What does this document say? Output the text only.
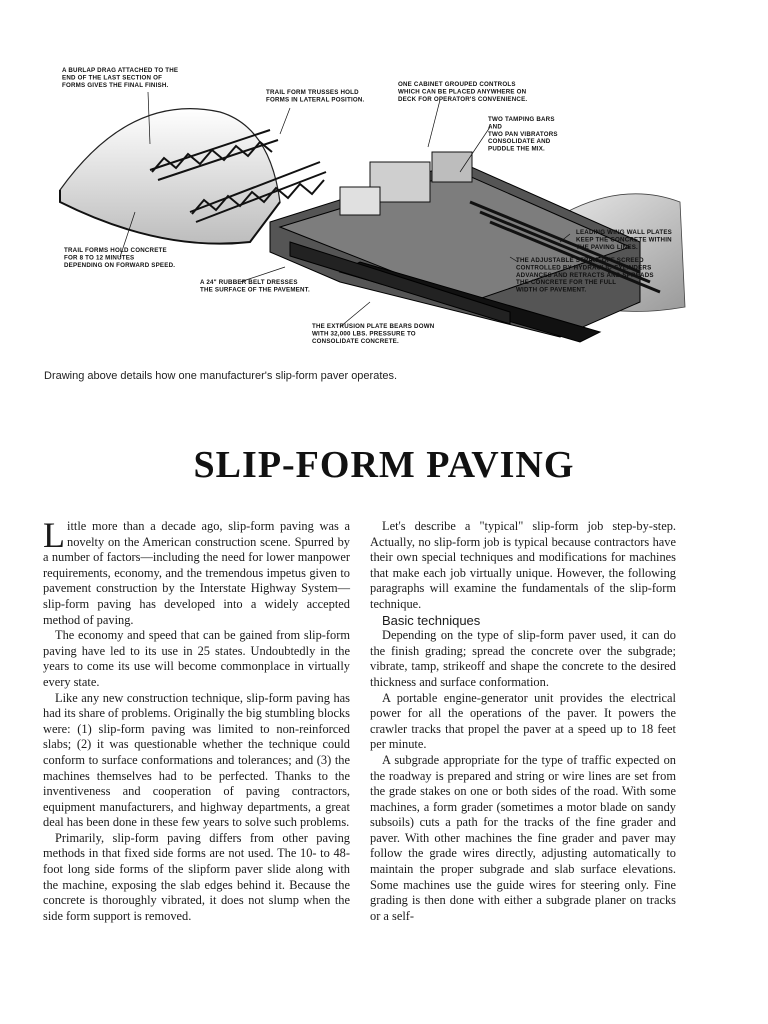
A BURLAP DRAG ATTACHED TO THE END OF THE LAST SECTION OF FORMS GIVES THE FINAL FINISH.
TRAIL FORM TRUSSES HOLD FORMS IN LATERAL POSITION.
ONE CABINET GROUPED CONTROLS WHICH CAN BE PLACED ANYWHERE ON DECK FOR OPERATOR'S CONVENIENCE.
TWO TAMPING BARS AND TWO PAN VIBRATORS CONSOLIDATE AND PUDDLE THE MIX.
LEADING WING WALL PLATES KEEP THE CONCRETE WITHIN THE PAVING LINES.
THE ADJUSTABLE STRIKE-OFF SCREED CONTROLLED BY HYDRAULIC CYLINDERS ADVANCES AND RETRACTS AND SPREADS THE CONCRETE FOR THE FULL WIDTH OF PAVEMENT.
TRAIL FORMS HOLD CONCRETE FOR 8 TO 12 MINUTES DEPENDING ON FORWARD SPEED.
A 24" RUBBER BELT DRESSES THE SURFACE OF THE PAVEMENT.
THE EXTRUSION PLATE BEARS DOWN WITH 32,000 LBS. PRESSURE TO CONSOLIDATE CONCRETE.
Drawing above details how one manufacturer's slip-form paver operates.
SLIP-FORM PAVING

Little more than a decade ago, slip-form paving was a novelty on the American construction scene. Spurred by a number of factors—including the need for lower manpower requirements, economy, and the tremendous impetus given to pavement construction by the Interstate Highway System—slip-form paving has developed into a widely accepted method of paving.

The economy and speed that can be gained from slip-form paving have led to its use in 25 states. Undoubtedly in the years to come its use will become commonplace in virtually every state.

Like any new construction technique, slip-form paving has had its share of problems. Originally the big stumbling blocks were: (1) slip-form paving was limited to non-reinforced slabs; (2) it was questionable whether the technique could conform to surface conformations and tolerances; and (3) the machines themselves had to be perfected. Thanks to the inventiveness and cooperation of paving contractors, equipment manufacturers, and highway departments, a great deal has been done in these few years to solve such problems.

Primarily, slip-form paving differs from other paving methods in that fixed side forms are not used. The 10- to 48-foot long side forms of the slipform paver slide along with the machine, exposing the slab edges behind it. Because the concrete is thoroughly vibrated, it does not slump when the side form support is removed.

Let's describe a "typical" slip-form job step-by-step. Actually, no slip-form job is typical because contractors have their own special techniques and modifications for machines that make each job virtually unique. However, the following paragraphs will examine the fundamentals of the slip-form technique.

Basic techniques

Depending on the type of slip-form paver used, it can do the finish grading; spread the concrete over the subgrade; vibrate, tamp, strikeoff and shape the concrete to the desired thickness and surface conformation.

A portable engine-generator unit provides the electrical power for all the operations of the paver. It powers the crawler tracks that propel the paver at a speed up to 18 feet per minute.

A subgrade appropriate for the type of traffic expected on the roadway is prepared and string or wire lines are set from the grade stakes on one or both sides of the road. With some machines, a form grader (sometimes a motor blade on sandy subsoils) cuts a path for the tracks of the fine grader and paver. With other machines the fine grader and paver may follow the grade wires directly, adjusting automatically to maintain the proper subgrade and slab surface elevations. Some machines use the guide wires for steering only. Fine grading is then done with either a subgrade planer on tracks or a self-
